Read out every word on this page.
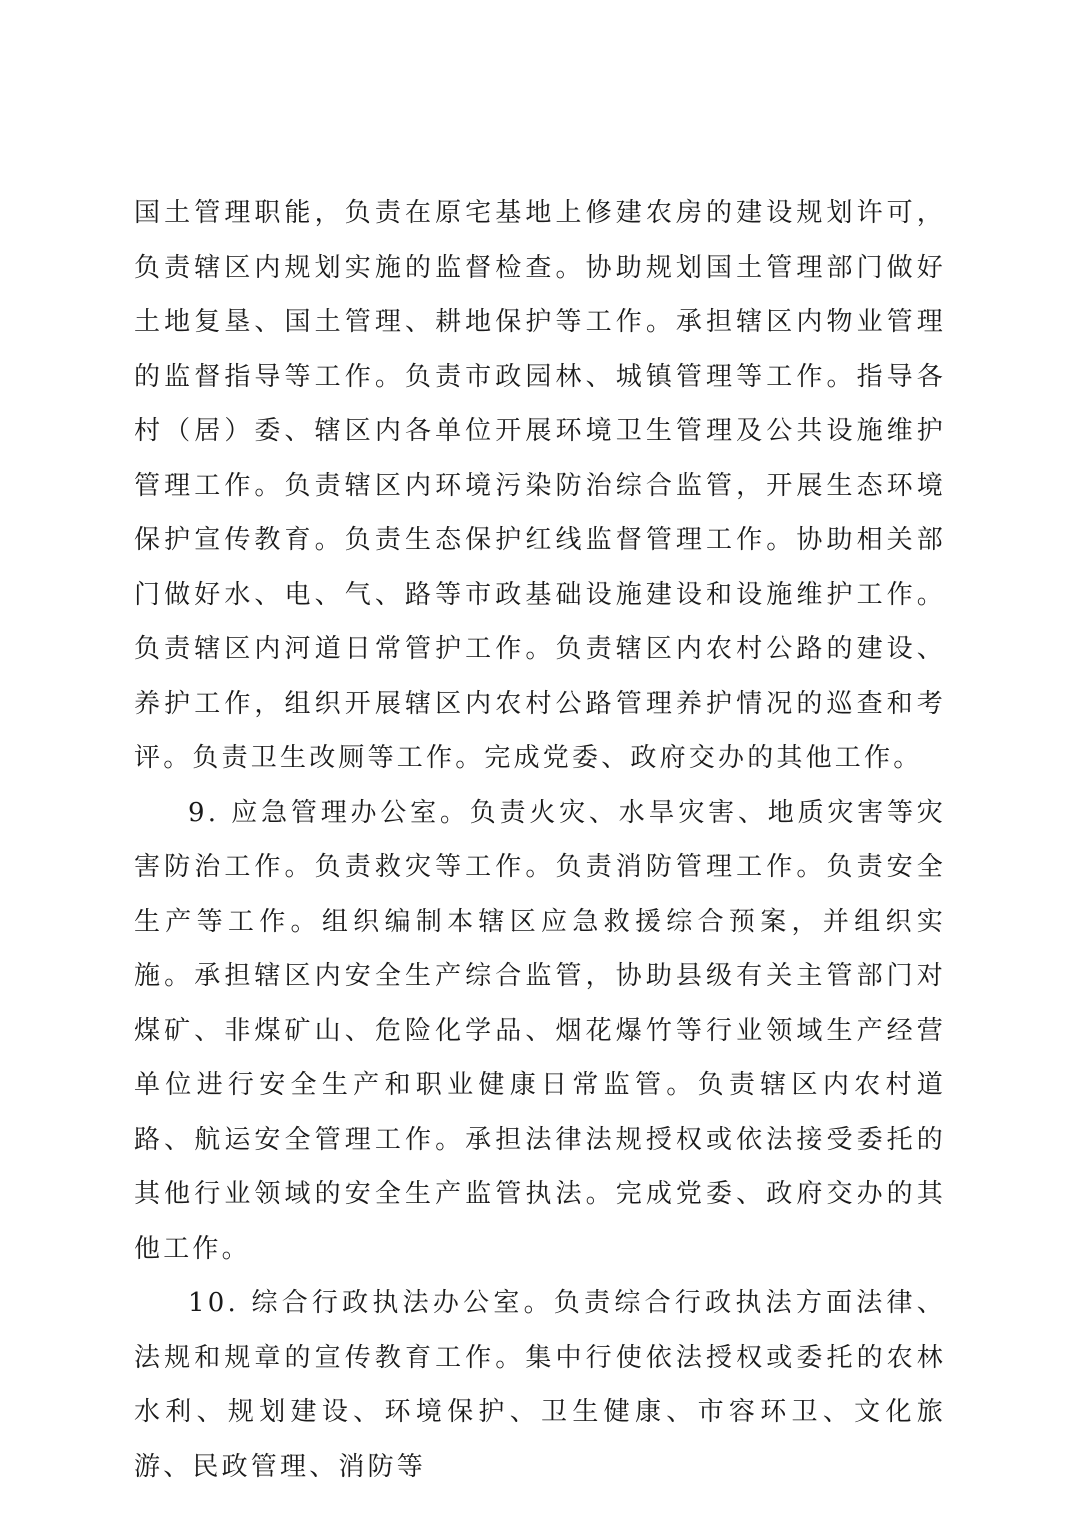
国土管理职能，负责在原宅基地上修建农房的建设规划许可，负责辖区内规划实施的监督检查。协助规划国土管理部门做好土地复垦、国土管理、耕地保护等工作。承担辖区内物业管理的监督指导等工作。负责市政园林、城镇管理等工作。指导各村（居）委、辖区内各单位开展环境卫生管理及公共设施维护管理工作。负责辖区内环境污染防治综合监管，开展生态环境保护宣传教育。负责生态保护红线监督管理工作。协助相关部门做好水、电、气、路等市政基础设施建设和设施维护工作。负责辖区内河道日常管护工作。负责辖区内农村公路的建设、养护工作，组织开展辖区内农村公路管理养护情况的巡查和考评。负责卫生改厕等工作。完成党委、政府交办的其他工作。

9. 应急管理办公室。负责火灾、水旱灾害、地质灾害等灾害防治工作。负责救灾等工作。负责消防管理工作。负责安全生产等工作。组织编制本辖区应急救援综合预案，并组织实施。承担辖区内安全生产综合监管，协助县级有关主管部门对煤矿、非煤矿山、危险化学品、烟花爆竹等行业领域生产经营单位进行安全生产和职业健康日常监管。负责辖区内农村道路、航运安全管理工作。承担法律法规授权或依法接受委托的其他行业领域的安全生产监管执法。完成党委、政府交办的其他工作。

10. 综合行政执法办公室。负责综合行政执法方面法律、法规和规章的宣传教育工作。集中行使依法授权或委托的农林水利、规划建设、环境保护、卫生健康、市容环卫、文化旅游、民政管理、消防等
